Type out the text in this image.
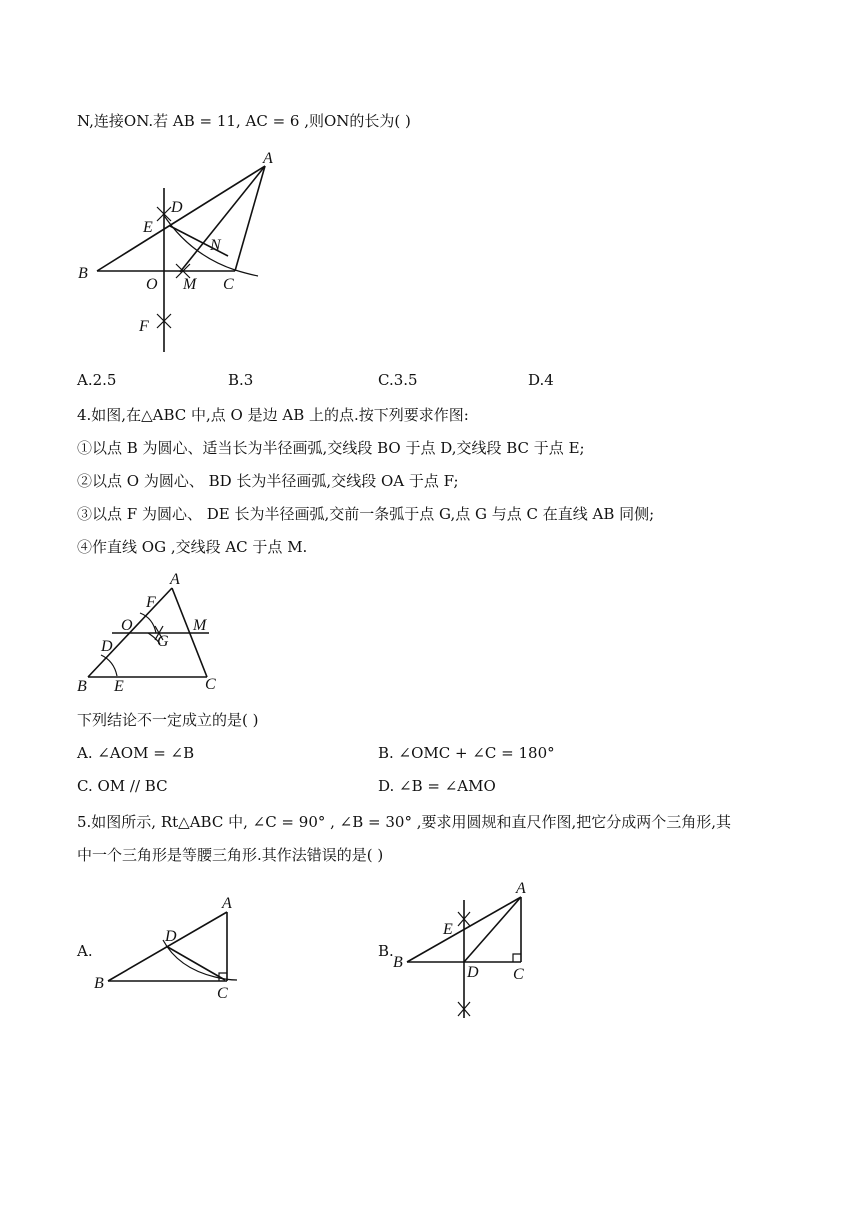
N,连接ON.若 AB = 11, AC = 6 ,则ON的长为( )
A
D
E
N
B
O M C
F
A.2.5	B.3	C.3.5	D.4
4.如图,在△ABC 中,点 O 是边 AB 上的点.按下列要求作图:
①以点 B 为圆心、适当长为半径画弧,交线段 BO 于点 D,交线段 BC 于点 E;
②以点 O 为圆心、 BD 长为半径画弧,交线段 OA 于点 F;
③以点 F 为圆心、 DE 长为半径画弧,交前一条弧于点 G,点 G 与点 C 在直线 AB 同侧;
④作直线 OG ,交线段 AC 于点 M.
A
F
O	M
G
D
B E	C
下列结论不一定成立的是( )
A. ∠AOM = ∠B	B. ∠OMC + ∠C = 180°
C. OM // BC	D. ∠B = ∠AMO
5.如图所示, Rt△ABC 中, ∠C = 90° , ∠B = 30° ,要求用圆规和直尺作图,把它分成两个三角形,其
中一个三角形是等腰三角形.其作法错误的是( )
A.	B.
A
D
B
C
A
E
B
D C
